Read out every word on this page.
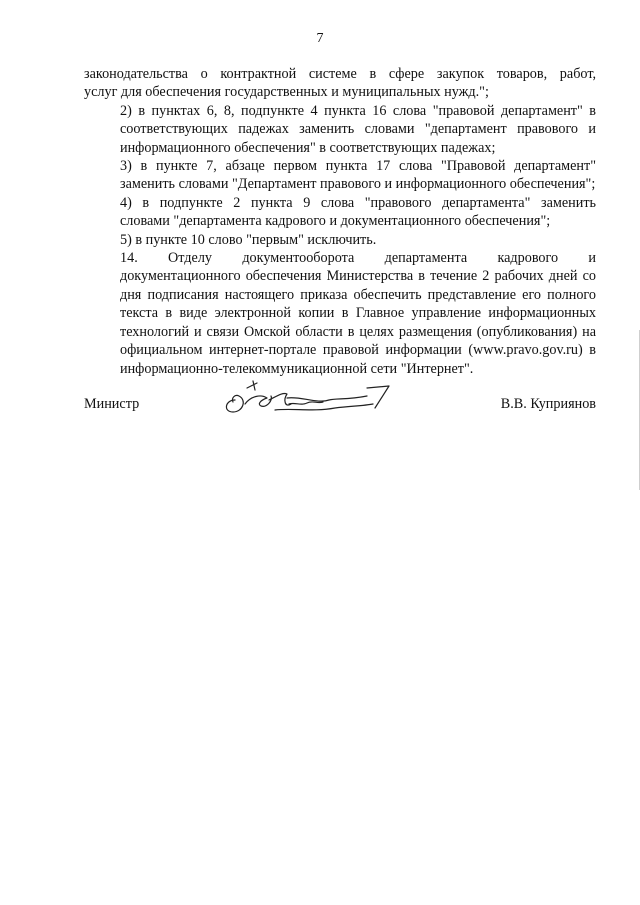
7

законодательства о контрактной системе в сфере закупок товаров, работ,
услуг для обеспечения государственных и муниципальных нужд.";

2) в пунктах 6, 8, подпункте 4 пункта 16 слова "правовой департамент" в
соответствующих падежах заменить словами "департамент правового и
информационного обеспечения" в соответствующих падежах;

3) в пункте 7, абзаце первом пункта 17 слова "Правовой департамент"
заменить словами "Департамент правового и информационного обеспечения";

4) в подпункте 2 пункта 9 слова "правового департамента" заменить
словами "департамента кадрового и документационного обеспечения";

5) в пункте 10 слово "первым" исключить.

14. Отделу документооборота департамента кадрового и
документационного обеспечения Министерства в течение 2 рабочих дней со
дня подписания настоящего приказа обеспечить представление его полного
текста в виде электронной копии в Главное управление информационных
технологий и связи Омской области в целях размещения (опубликования) на
официальном интернет-портале правовой информации (www.pravo.gov.ru) в
информационно-телекоммуникационной сети "Интернет".

Министр	В.В. Куприянов
